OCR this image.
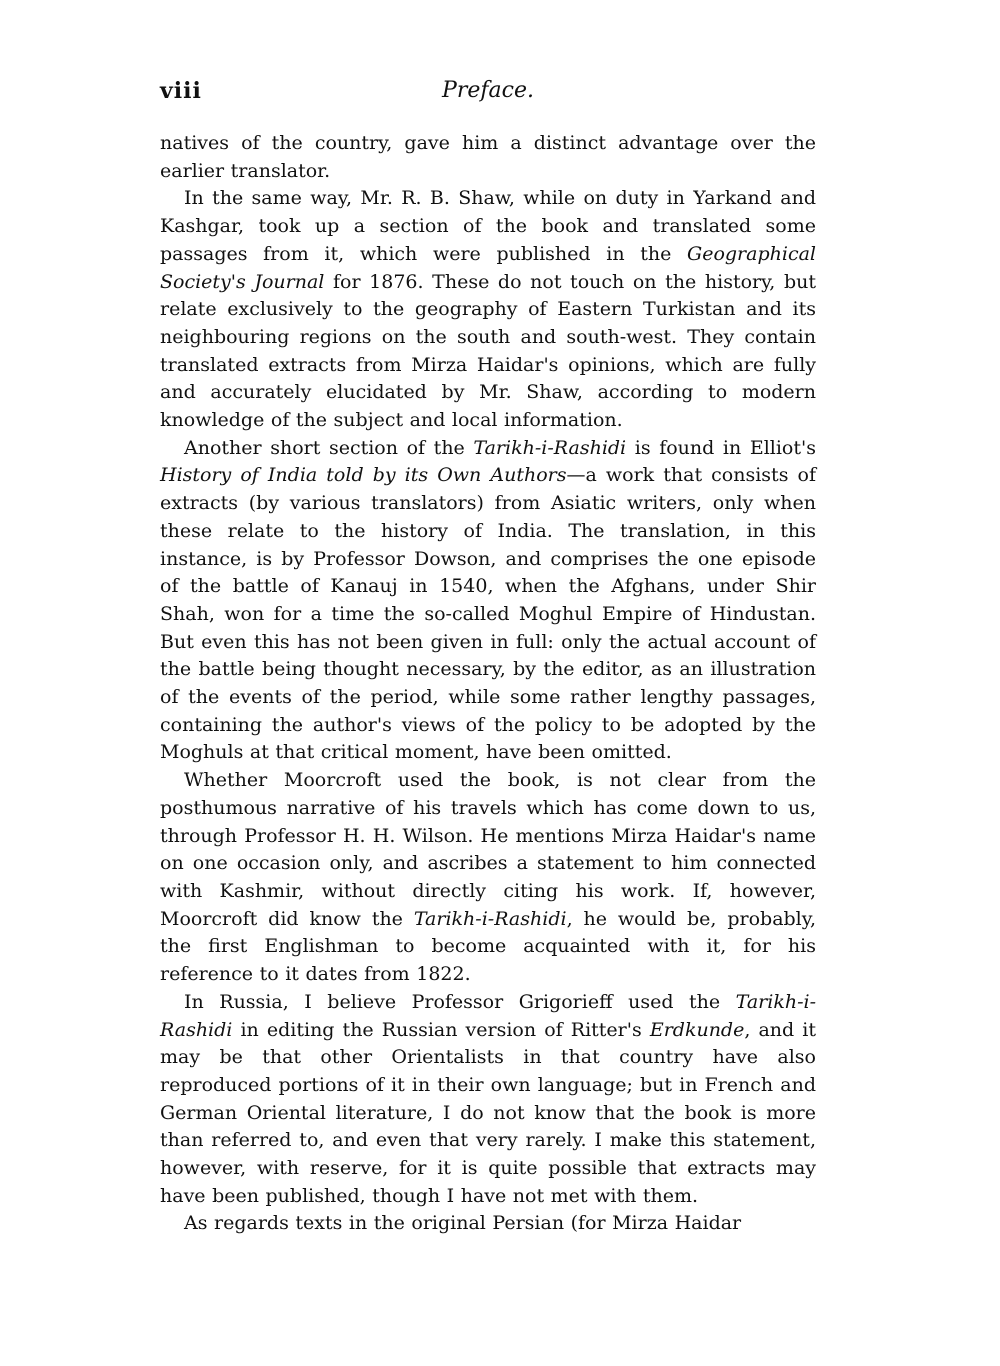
viii	Preface.

natives of the country, gave him a distinct advantage over the earlier translator.

In the same way, Mr. R. B. Shaw, while on duty in Yarkand and Kashgar, took up a section of the book and translated some passages from it, which were published in the Geographical Society's Journal for 1876. These do not touch on the history, but relate exclusively to the geography of Eastern Turkistan and its neighbouring regions on the south and south-west. They contain translated extracts from Mirza Haidar's opinions, which are fully and accurately elucidated by Mr. Shaw, according to modern knowledge of the subject and local information.

Another short section of the Tarikh-i-Rashidi is found in Elliot's History of India told by its Own Authors—a work that consists of extracts (by various translators) from Asiatic writers, only when these relate to the history of India. The translation, in this instance, is by Professor Dowson, and comprises the one episode of the battle of Kanauj in 1540, when the Afghans, under Shir Shah, won for a time the so-called Moghul Empire of Hindustan. But even this has not been given in full: only the actual account of the battle being thought necessary, by the editor, as an illustration of the events of the period, while some rather lengthy passages, containing the author's views of the policy to be adopted by the Moghuls at that critical moment, have been omitted.

Whether Moorcroft used the book, is not clear from the posthumous narrative of his travels which has come down to us, through Professor H. H. Wilson. He mentions Mirza Haidar's name on one occasion only, and ascribes a statement to him connected with Kashmir, without directly citing his work. If, however, Moorcroft did know the Tarikh-i-Rashidi, he would be, probably, the first Englishman to become acquainted with it, for his reference to it dates from 1822.

In Russia, I believe Professor Grigorieff used the Tarikh-i-Rashidi in editing the Russian version of Ritter's Erdkunde, and it may be that other Orientalists in that country have also reproduced portions of it in their own language; but in French and German Oriental literature, I do not know that the book is more than referred to, and even that very rarely. I make this statement, however, with reserve, for it is quite possible that extracts may have been published, though I have not met with them.

As regards texts in the original Persian (for Mirza Haidar
